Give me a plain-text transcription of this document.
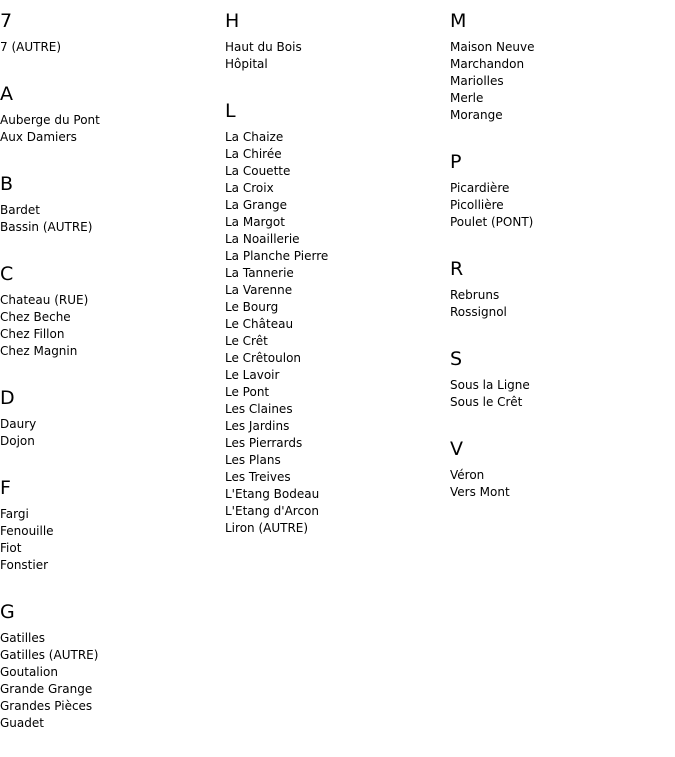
7
7 (AUTRE)
A
Auberge du Pont
Aux Damiers
B
Bardet
Bassin (AUTRE)
C
Chateau (RUE)
Chez Beche
Chez Fillon
Chez Magnin
D
Daury
Dojon
F
Fargi
Fenouille
Fiot
Fonstier
G
Gatilles
Gatilles (AUTRE)
Goutalion
Grande Grange
Grandes Pièces
Guadet
H
Haut du Bois
Hôpital
L
La Chaize
La Chirée
La Couette
La Croix
La Grange
La Margot
La Noaillerie
La Planche Pierre
La Tannerie
La Varenne
Le Bourg
Le Château
Le Crêt
Le Crêtoulon
Le Lavoir
Le Pont
Les Claines
Les Jardins
Les Pierrards
Les Plans
Les Treives
L'Etang Bodeau
L'Etang d'Arcon
Liron (AUTRE)
M
Maison Neuve
Marchandon
Mariolles
Merle
Morange
P
Picardière
Picollière
Poulet (PONT)
R
Rebruns
Rossignol
S
Sous la Ligne
Sous le Crêt
V
Véron
Vers Mont
